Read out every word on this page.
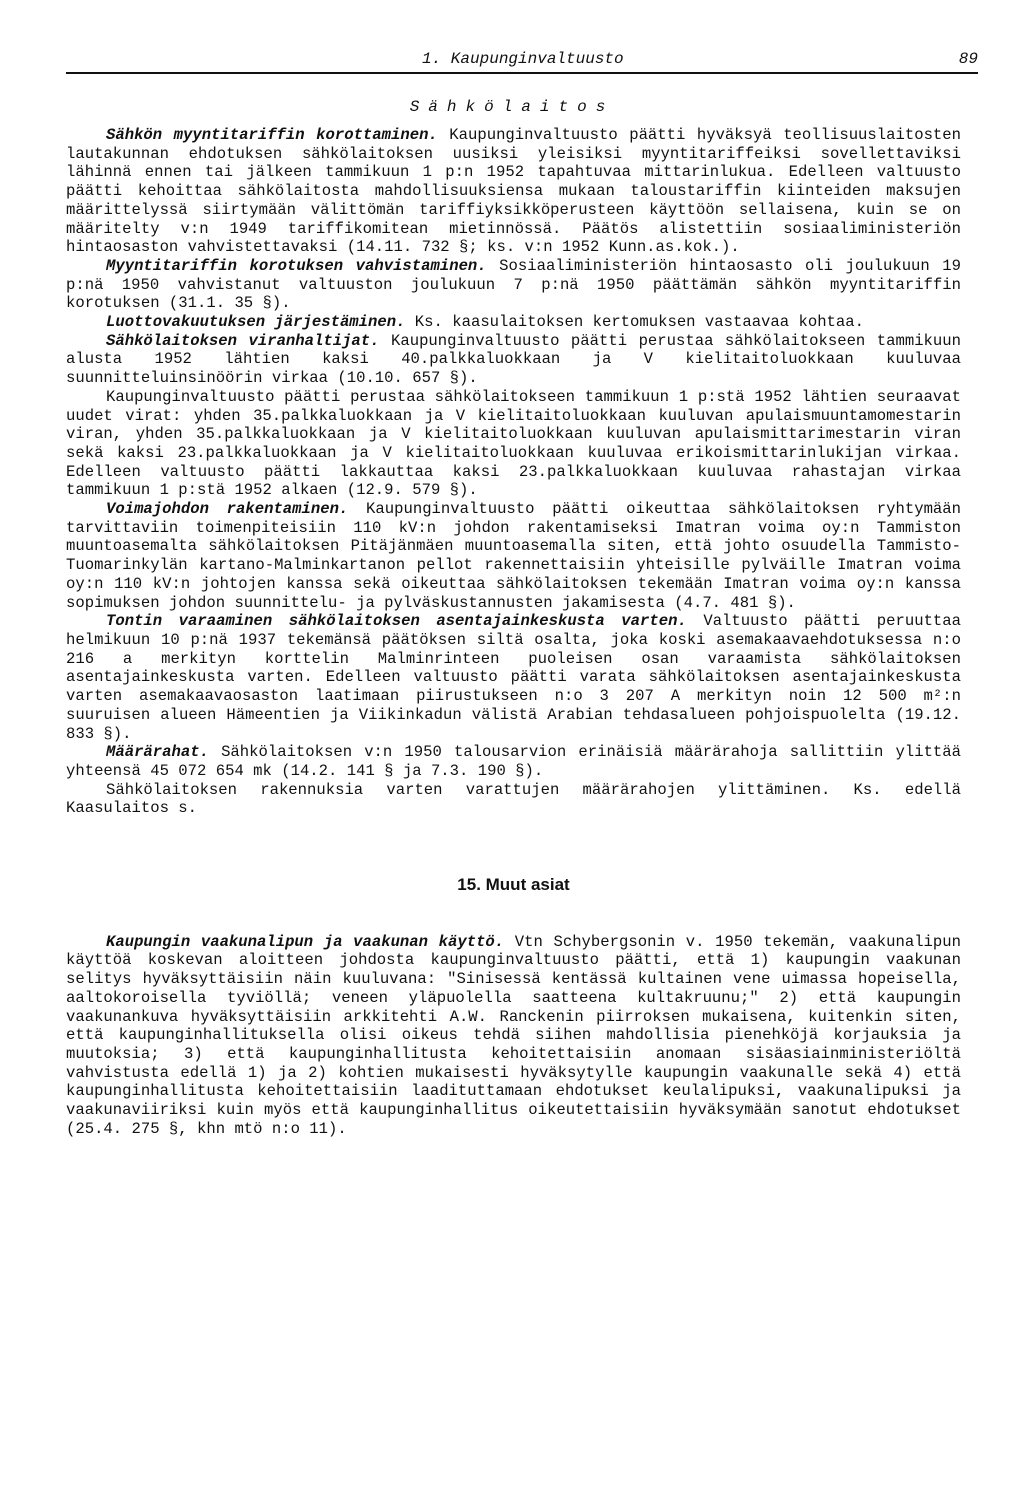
1. Kaupunginvaltuusto	89
Sähkölaitos

Sähkön myyntitariffin korottaminen. Kaupunginvaltuusto päätti hyväksyä teollisuuslaitosten lautakunnan ehdotuksen sähkölaitoksen uusiksi yleisiksi myyntitariffeiksi sovellettaviksi lähinnä ennen tai jälkeen tammikuun 1 p:n 1952 tapahtuvaa mittarinlukua. Edelleen valtuusto päätti kehoittaa sähkölaitosta mahdollisuuksiensa mukaan taloustariffin kiinteiden maksujen määrittelyssä siirtymään välittömän tariffiyksikköperusteen käyttöön sellaisena, kuin se on määritelty v:n 1949 tariffikomitean mietinnössä. Päätös alistettiin sosiaaliministeriön hintaosaston vahvistettavaksi (14.11. 732 §; ks. v:n 1952 Kunn.as.kok.).

Myyntitariffin korotuksen vahvistaminen. Sosiaaliministeriön hintaosasto oli joulukuun 19 p:nä 1950 vahvistanut valtuuston joulukuun 7 p:nä 1950 päättämän sähkön myyntitariffin korotuksen (31.1. 35 §).

Luottovakuutuksen järjestäminen. Ks. kaasulaitoksen kertomuksen vastaavaa kohtaa.

Sähkölaitoksen viranhaltijat. Kaupunginvaltuusto päätti perustaa sähkölaitokseen tammikuun alusta 1952 lähtien kaksi 40.palkkaluokkaan ja V kielitaitoluokkaan kuuluvaa suunnitteluinsinöörin virkaa (10.10. 657 §).

Kaupunginvaltuusto päätti perustaa sähkölaitokseen tammikuun 1 p:stä 1952 lähtien seuraavat uudet virat: yhden 35.palkkaluokkaan ja V kielitaitoluokkaan kuuluvan apulaismuuntamomestarin viran, yhden 35.palkkaluokkaan ja V kielitaitoluokkaan kuuluvan apulaismittarimestarin viran sekä kaksi 23.palkkaluokkaan ja V kielitaitoluokkaan kuuluvaa erikoismittarinlukijan virkaa. Edelleen valtuusto päätti lakkauttaa kaksi 23.palkkaluokkaan kuuluvaa rahastajan virkaa tammikuun 1 p:stä 1952 alkaen (12.9. 579 §).

Voimajohdon rakentaminen. Kaupunginvaltuusto päätti oikeuttaa sähkölaitoksen ryhtymään tarvittaviin toimenpiteisiin 110 kV:n johdon rakentamiseksi Imatran voima oy:n Tammiston muuntoasemalta sähkölaitoksen Pitäjänmäen muuntoasemalla siten, että johto osuudella Tammisto-Tuomarinkylän kartano-Malminkartanon pellot rakennettaisiin yhteisille pylväille Imatran voima oy:n 110 kV:n johtojen kanssa sekä oikeuttaa sähkölaitoksen tekemään Imatran voima oy:n kanssa sopimuksen johdon suunnittelu- ja pylväskustannusten jakamisesta (4.7. 481 §).

Tontin varaaminen sähkölaitoksen asentajainkeskusta varten. Valtuusto päätti peruuttaa helmikuun 10 p:nä 1937 tekemänsä päätöksen siltä osalta, joka koski asemakaavaehdotuksessa n:o 216 a merkityn korttelin Malminrinteen puoleisen osan varaamista sähkölaitoksen asentajainkeskusta varten. Edelleen valtuusto päätti varata sähkölaitoksen asentajainkeskusta varten asemakaavaosaston laatimaan piirustukseen n:o 3 207 A merkityn noin 12 500 m²:n suuruisen alueen Hämeentien ja Viikinkadun välistä Arabian tehdasalueen pohjoispuolelta (19.12. 833 §).

Määrärahat. Sähkölaitoksen v:n 1950 talousarvion erinäisiä määrärahoja sallittiin ylittää yhteensä 45 072 654 mk (14.2. 141 § ja 7.3. 190 §).

Sähkölaitoksen rakennuksia varten varattujen määrärahojen ylittäminen. Ks. edellä Kaasulaitos s.

15. Muut asiat

Kaupungin vaakunalipun ja vaakunan käyttö. Vtn Schybergsonin v. 1950 tekemän, vaakunalipun käyttöä koskevan aloitteen johdosta kaupunginvaltuusto päätti, että 1) kaupungin vaakunan selitys hyväksyttäisiin näin kuuluvana: "Sinisessä kentässä kultainen vene uimassa hopeisella, aaltokoroisella tyviöllä; veneen yläpuolella saatteena kultakruunu;" 2) että kaupungin vaakunankuva hyväksyttäisiin arkkitehti A.W. Ranckenin piirroksen mukaisena, kuitenkin siten, että kaupunginhallituksella olisi oikeus tehdä siihen mahdollisia pienehköjä korjauksia ja muutoksia; 3) että kaupunginhallitusta kehoitettaisiin anomaan sisäasiainministeriöltä vahvistusta edellä 1) ja 2) kohtien mukaisesti hyväksytylle kaupungin vaakunalle sekä 4) että kaupunginhallitusta kehoitettaisiin laadituttamaan ehdotukset keulalipuksi, vaakunalipuksi ja vaakunaviiriksi kuin myös että kaupunginhallitus oikeutettaisiin hyväksymään sanotut ehdotukset (25.4. 275 §, khn mtö n:o 11).
